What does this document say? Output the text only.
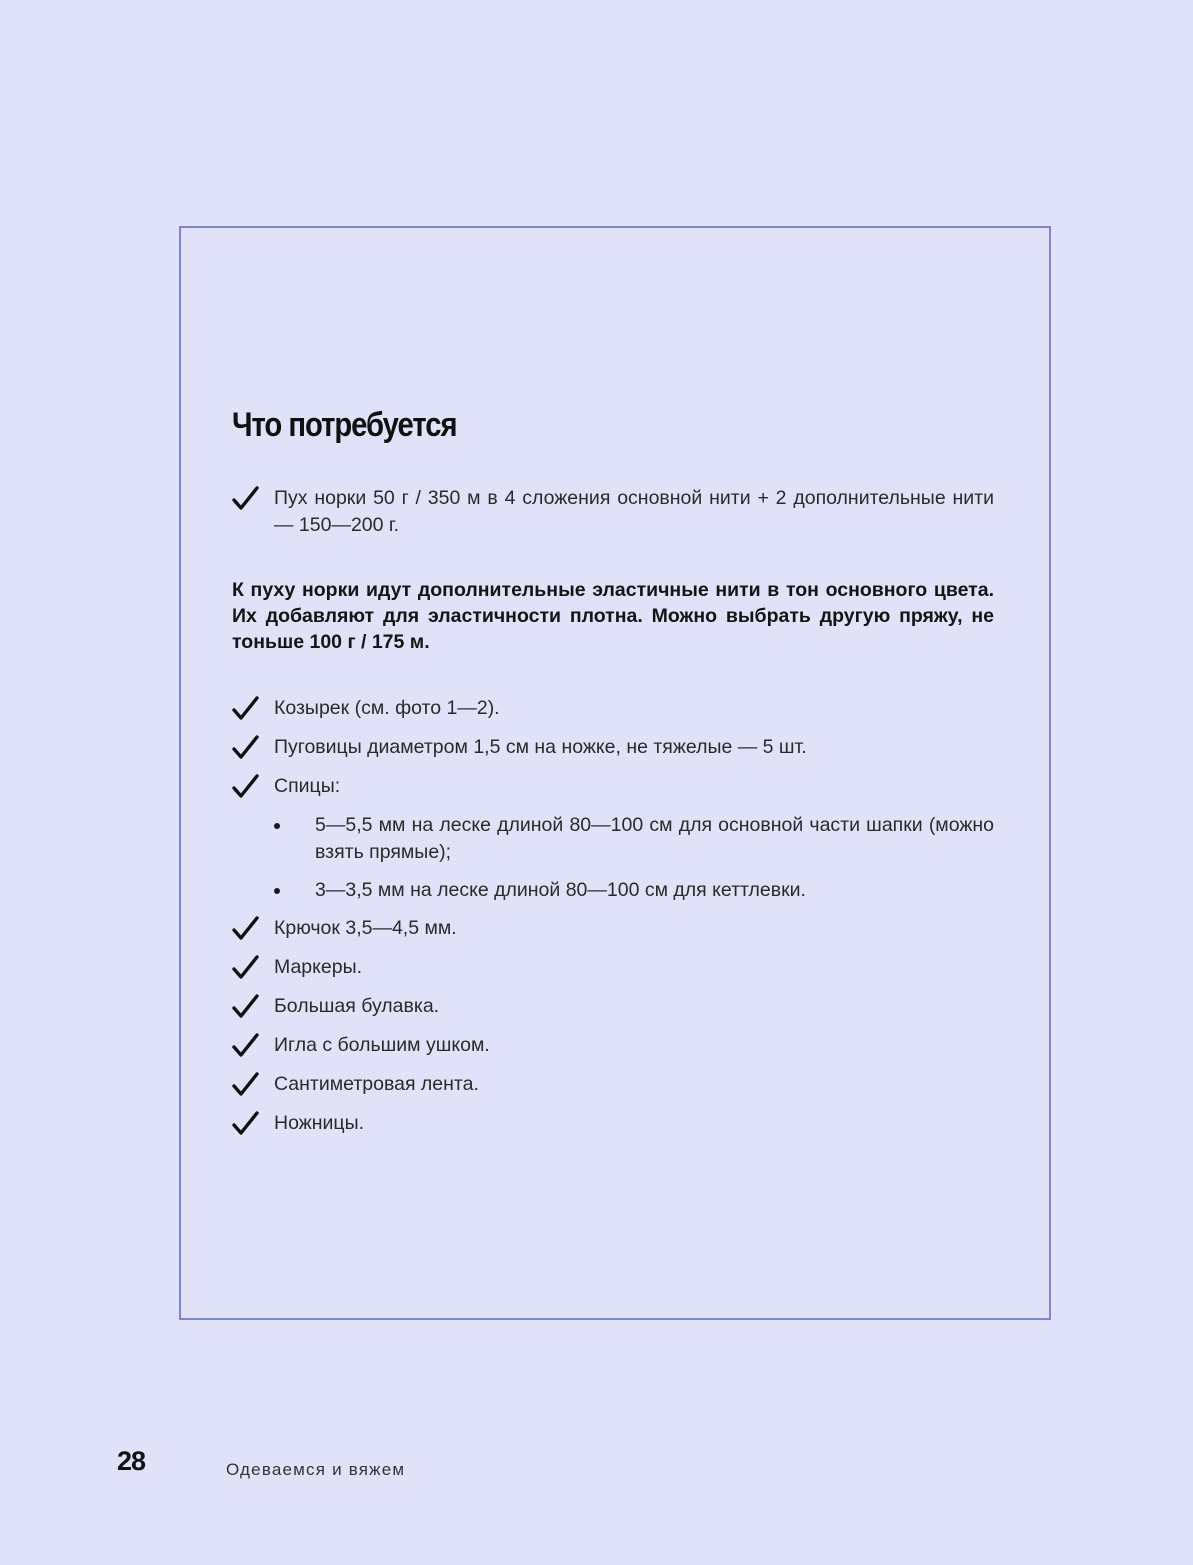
Что потребуется
Пух норки 50 г / 350 м в 4 сложения основной нити + 2 дополнительные нити — 150—200 г.

К пуху норки идут дополнительные эластичные нити в тон основного цвета. Их добавляют для эластичности плотна. Можно выбрать другую пряжу, не тоньше 100 г / 175 м.

Козырек (см. фото 1—2).
Пуговицы диаметром 1,5 см на ножке, не тяжелые — 5 шт.
Спицы:
5—5,5 мм на леске длиной 80—100 см для основной части шапки (можно взять прямые);
3—3,5 мм на леске длиной 80—100 см для кеттлевки.
Крючок 3,5—4,5 мм.
Маркеры.
Большая булавка.
Игла с большим ушком.
Сантиметровая лента.
Ножницы.
28	Одеваемся и вяжем
